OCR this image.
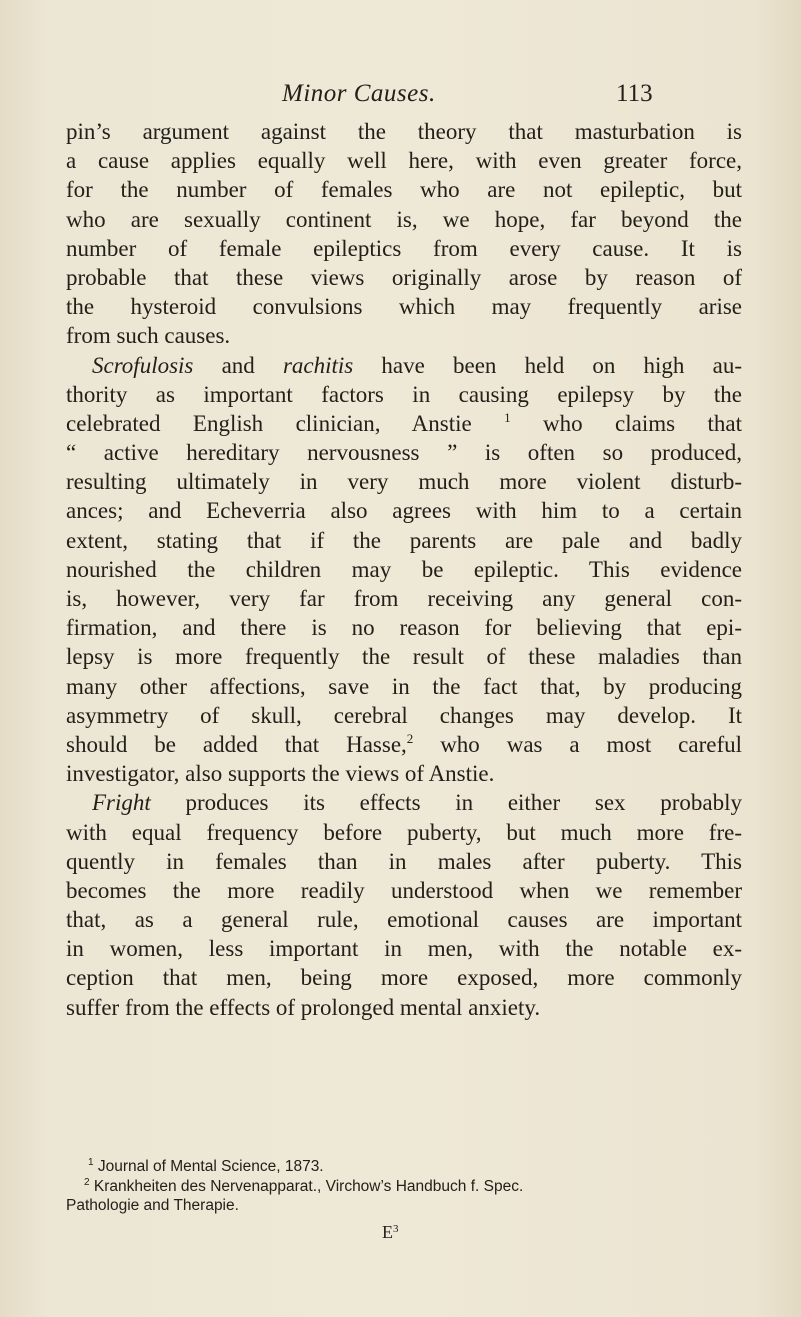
Minor Causes.	113
pin’s argument against the theory that masturbation is
a cause applies equally well here, with even greater force,
for the number of females who are not epileptic, but
who are sexually continent is, we hope, far beyond the
number of female epileptics from every cause. It is
probable that these views originally arose by reason of
the hysteroid convulsions which may frequently arise
from such causes.
Scrofulosis and rachitis have been held on high au-
thority as important factors in causing epilepsy by the
celebrated English clinician, Anstie $^1$ who claims that
“ active hereditary nervousness ” is often so produced,
resulting ultimately in very much more violent disturb-
ances; and Echeverria also agrees with him to a certain
extent, stating that if the parents are pale and badly
nourished the children may be epileptic. This evidence
is, however, very far from receiving any general con-
firmation, and there is no reason for believing that epi-
lepsy is more frequently the result of these maladies than
many other affections, save in the fact that, by producing
asymmetry of skull, cerebral changes may develop. It
should be added that Hasse,$^2$ who was a most careful
investigator, also supports the views of Anstie.
Fright produces its effects in either sex probably
with equal frequency before puberty, but much more fre-
quently in females than in males after puberty. This
becomes the more readily understood when we remember
that, as a general rule, emotional causes are important
in women, less important in men, with the notable ex-
ception that men, being more exposed, more commonly
suffer from the effects of prolonged mental anxiety.
$^1$ Journal of Mental Science, 1873.
$^2$ Krankheiten des Nervenapparat., Virchow’s Handbuch f. Spec.
Pathologie and Therapie.
$E^3$
